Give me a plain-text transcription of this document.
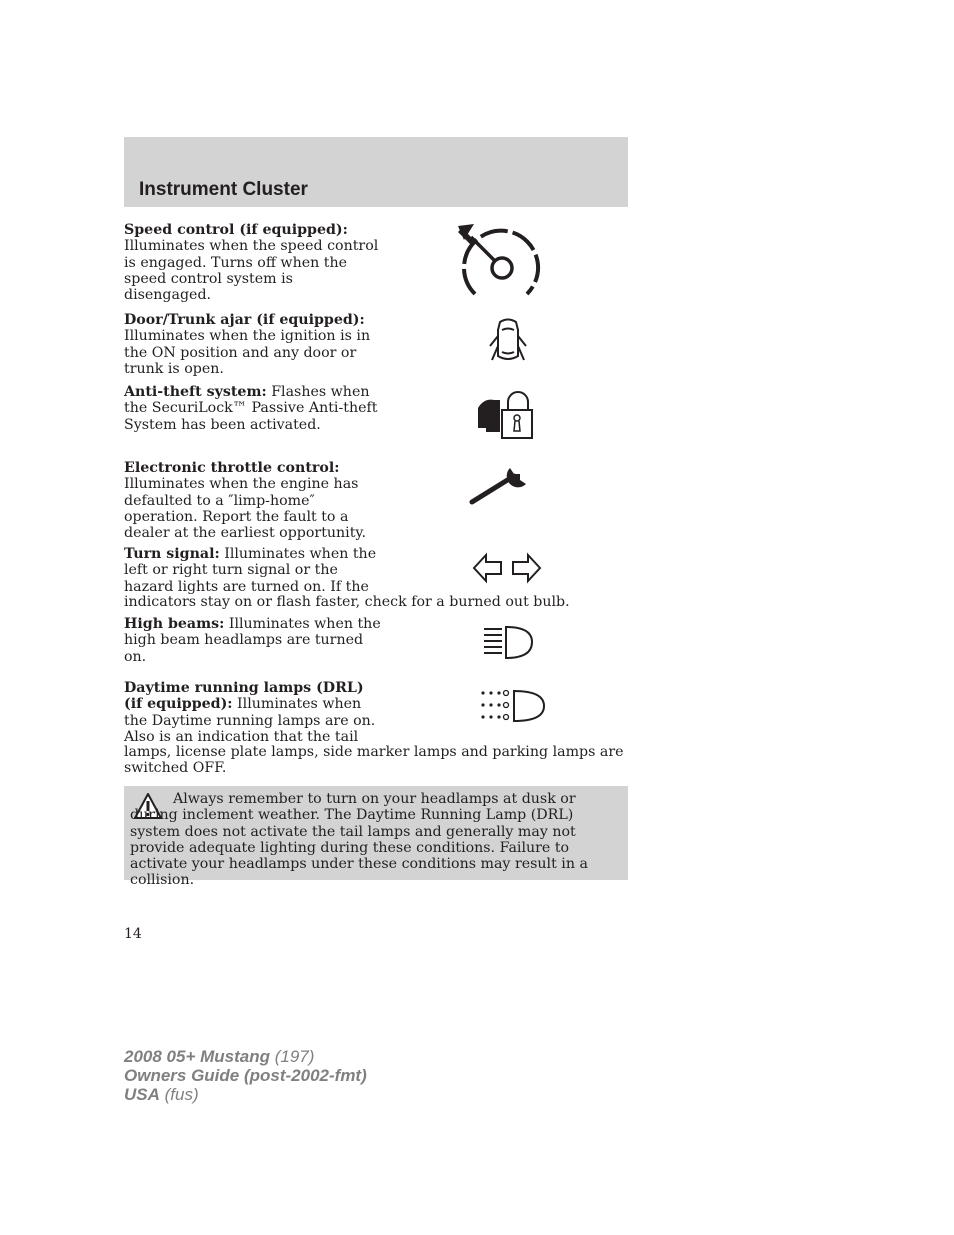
Instrument Cluster
Speed control (if equipped):
Illuminates when the speed control is engaged. Turns off when the speed control system is disengaged.
Door/Trunk ajar (if equipped):
Illuminates when the ignition is in the ON position and any door or trunk is open.
Anti-theft system: Flashes when the SecuriLock™ Passive Anti-theft System has been activated.
Electronic throttle control:
Illuminates when the engine has defaulted to a ″limp-home″ operation. Report the fault to a dealer at the earliest opportunity.
Turn signal: Illuminates when the left or right turn signal or the hazard lights are turned on. If the
indicators stay on or flash faster, check for a burned out bulb.
High beams: Illuminates when the high beam headlamps are turned on.
Daytime running lamps (DRL)
(if equipped): Illuminates when the Daytime running lamps are on. Also is an indication that the tail
lamps, license plate lamps, side marker lamps and parking lamps are switched OFF.
Always remember to turn on your headlamps at dusk or during inclement weather. The Daytime Running Lamp (DRL) system does not activate the tail lamps and generally may not provide adequate lighting during these conditions. Failure to activate your headlamps under these conditions may result in a collision.
14
2008 05+ Mustang (197)
Owners Guide (post-2002-fmt)
USA (fus)
